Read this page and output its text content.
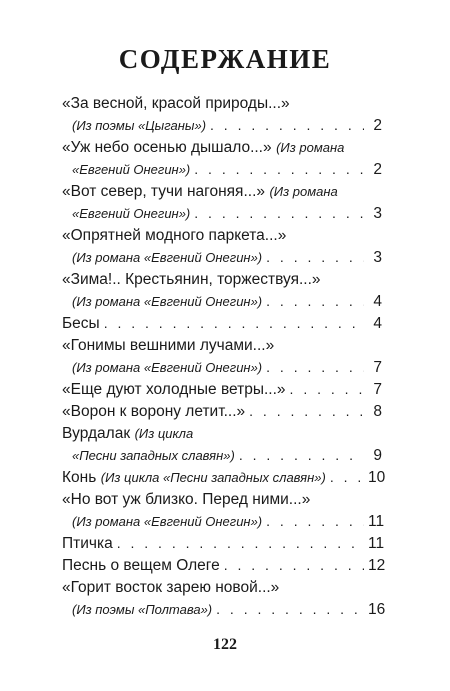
СОДЕРЖАНИЕ
«За весной, красой природы...»
(Из поэмы «Цыганы») . . .	2
«Уж небо осенью дышало...»
(Из романа
«Евгений Онегин») . . .	2
«Вот север, тучи нагоняя...»
(Из романа
«Евгений Онегин») . . .	3
«Опрятней модного паркета...»
(Из романа «Евгений Онегин») . . .	3
«Зима!.. Крестьянин, торжествуя...»
(Из романа «Евгений Онегин») . . .	4
Бесы . . .	4
«Гонимы вешними лучами...»
(Из романа «Евгений Онегин») . . .	7
«Еще дуют холодные ветры...» . . .	7
«Ворон к ворону летит...» . . .	8
Вурдалак
(Из цикла
«Песни западных славян») . . .	9
Конь
(Из цикла «Песни западных славян») . . .	10
«Но вот уж близко. Перед ними...»
(Из романа «Евгений Онегин») . . .	11
Птичка . . .	11
Песнь о вещем Олеге . . .	12
«Горит восток зарею новой...»
(Из поэмы «Полтава») . . .	16
122
